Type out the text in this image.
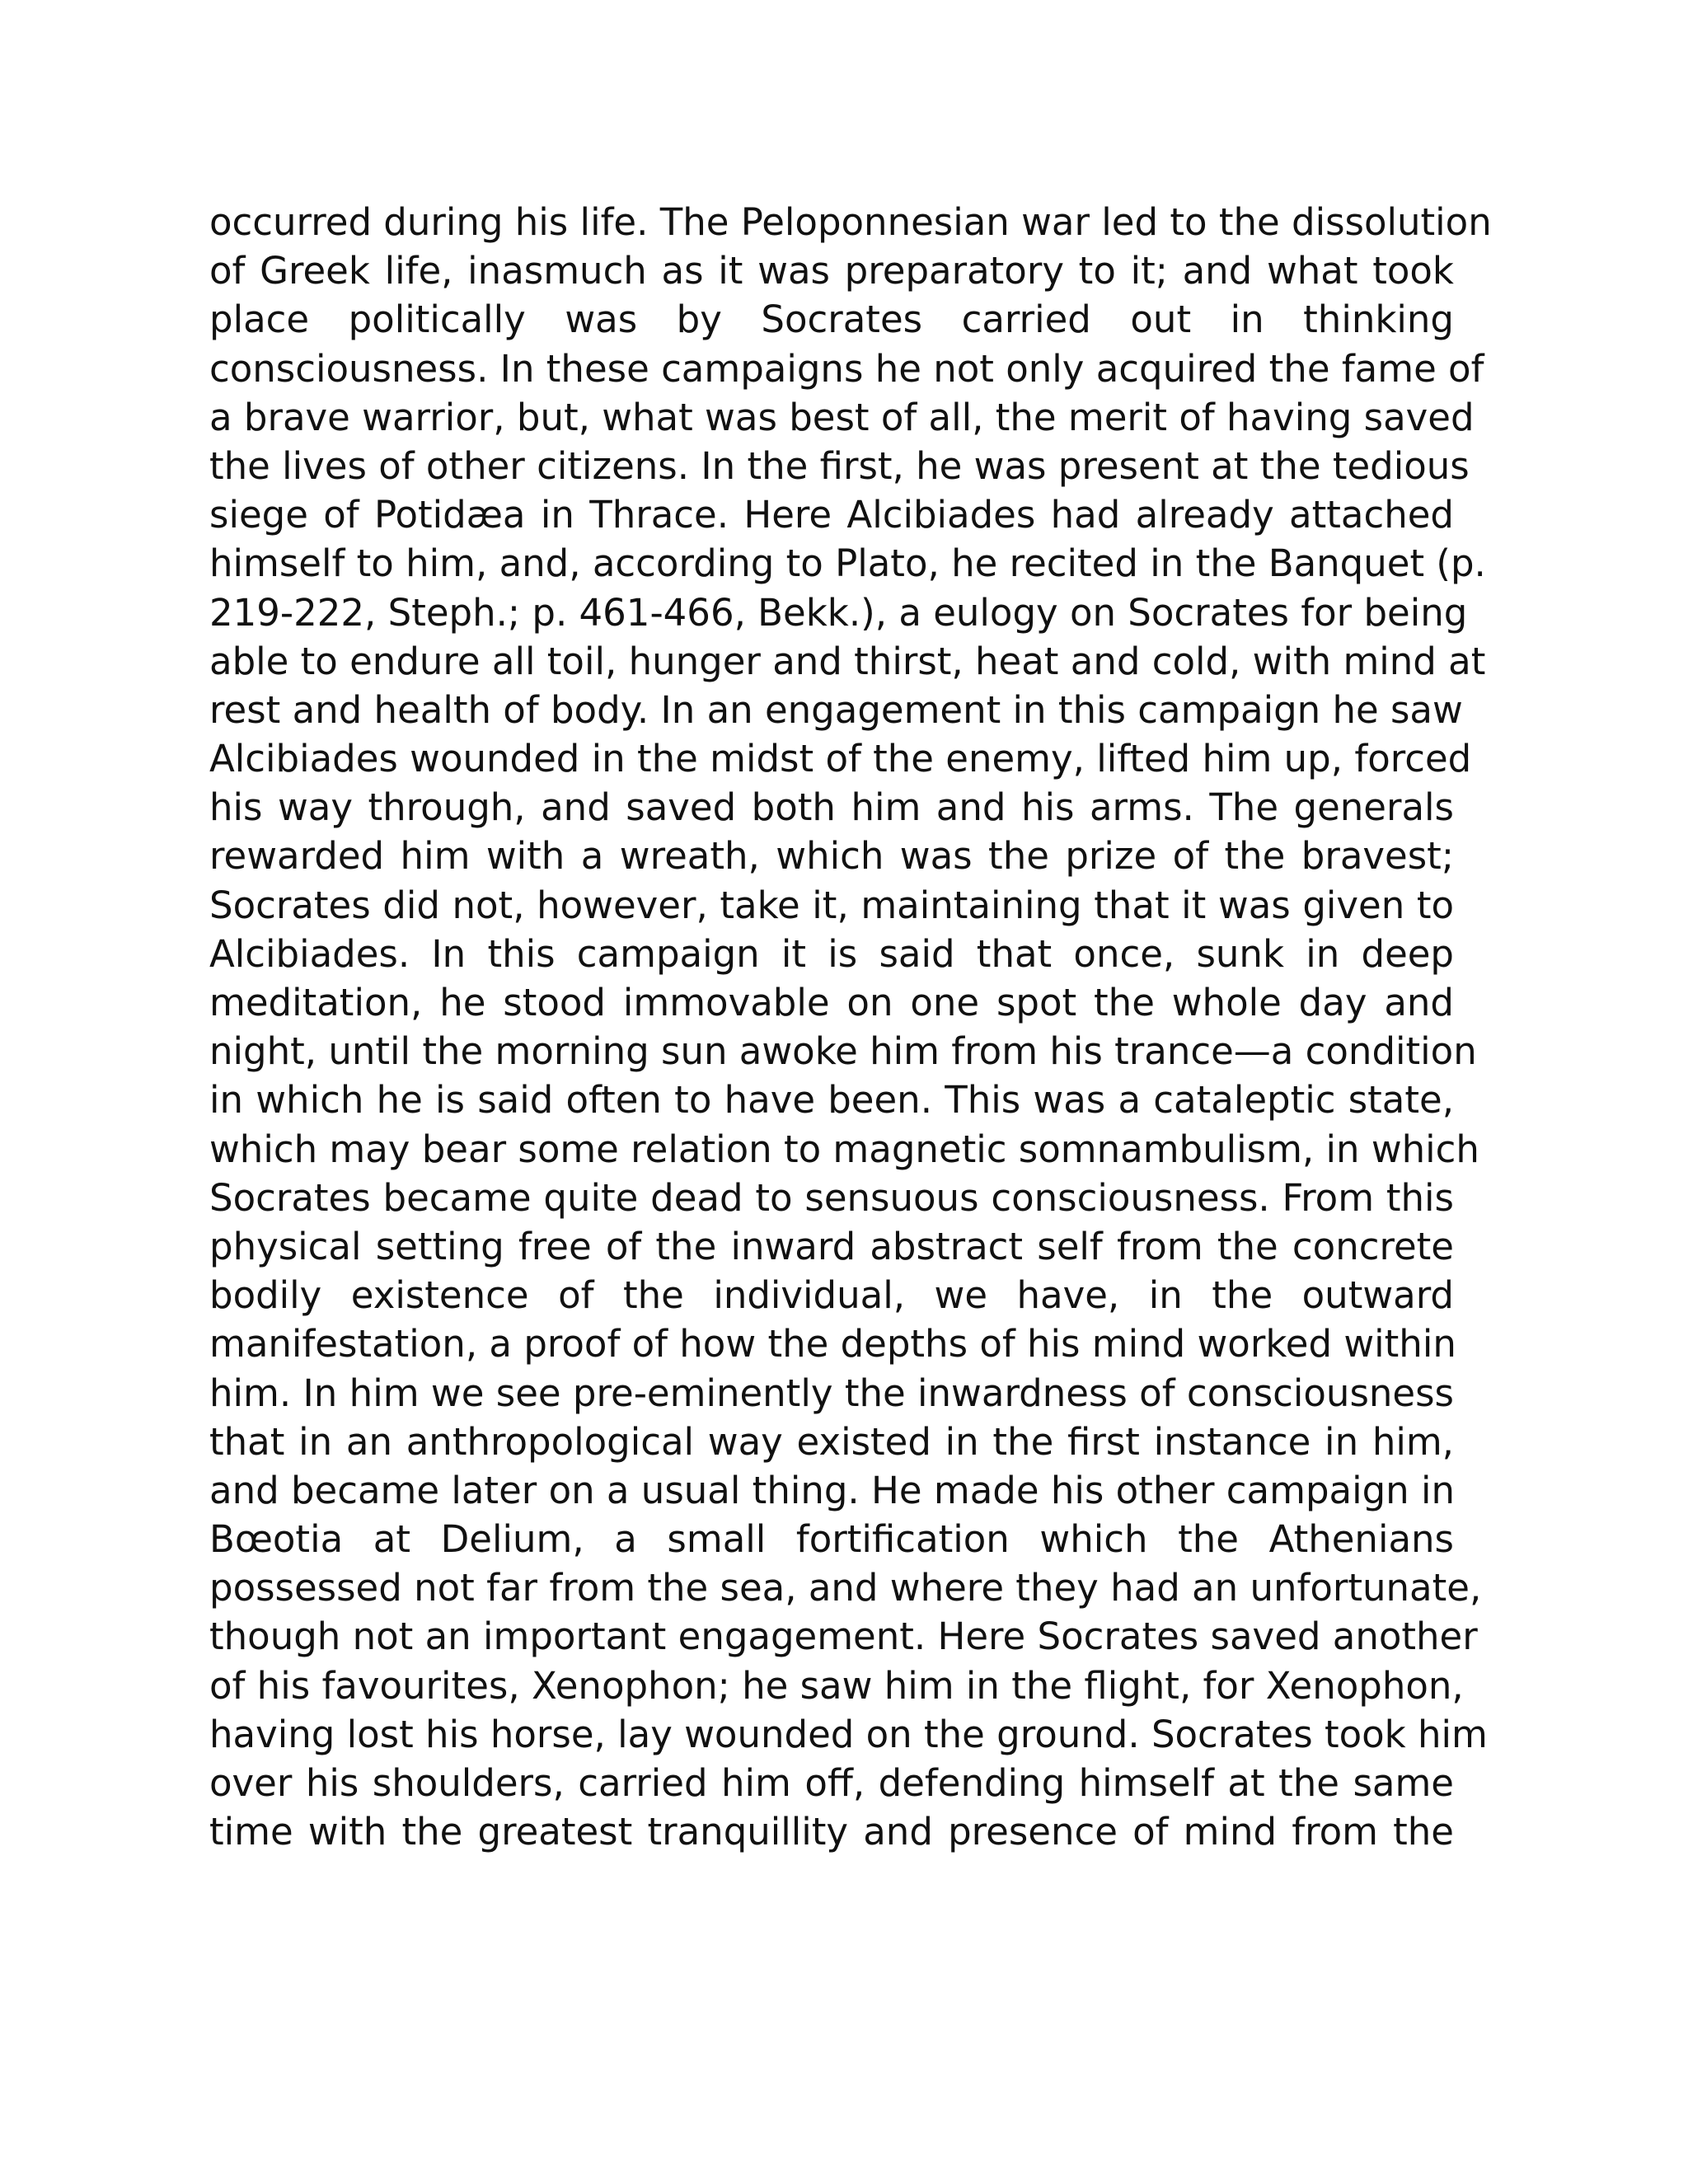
occurred during his life. The Peloponnesian war led to the dissolution
of Greek life, inasmuch as it was preparatory to it; and what took
place politically was by Socrates carried out in thinking
consciousness. In these campaigns he not only acquired the fame of
a brave warrior, but, what was best of all, the merit of having saved
the lives of other citizens. In the first, he was present at the tedious
siege of Potidæa in Thrace. Here Alcibiades had already attached
himself to him, and, according to Plato, he recited in the Banquet (p.
219-222, Steph.; p. 461-466, Bekk.), a eulogy on Socrates for being
able to endure all toil, hunger and thirst, heat and cold, with mind at
rest and health of body. In an engagement in this campaign he saw
Alcibiades wounded in the midst of the enemy, lifted him up, forced
his way through, and saved both him and his arms. The generals
rewarded him with a wreath, which was the prize of the bravest;
Socrates did not, however, take it, maintaining that it was given to
Alcibiades. In this campaign it is said that once, sunk in deep
meditation, he stood immovable on one spot the whole day and
night, until the morning sun awoke him from his trance—a condition
in which he is said often to have been. This was a cataleptic state,
which may bear some relation to magnetic somnambulism, in which
Socrates became quite dead to sensuous consciousness. From this
physical setting free of the inward abstract self from the concrete
bodily existence of the individual, we have, in the outward
manifestation, a proof of how the depths of his mind worked within
him. In him we see pre-eminently the inwardness of consciousness
that in an anthropological way existed in the first instance in him,
and became later on a usual thing. He made his other campaign in
Bœotia at Delium, a small fortification which the Athenians
possessed not far from the sea, and where they had an unfortunate,
though not an important engagement. Here Socrates saved another
of his favourites, Xenophon; he saw him in the flight, for Xenophon,
having lost his horse, lay wounded on the ground. Socrates took him
over his shoulders, carried him off, defending himself at the same
time with the greatest tranquillity and presence of mind from the
